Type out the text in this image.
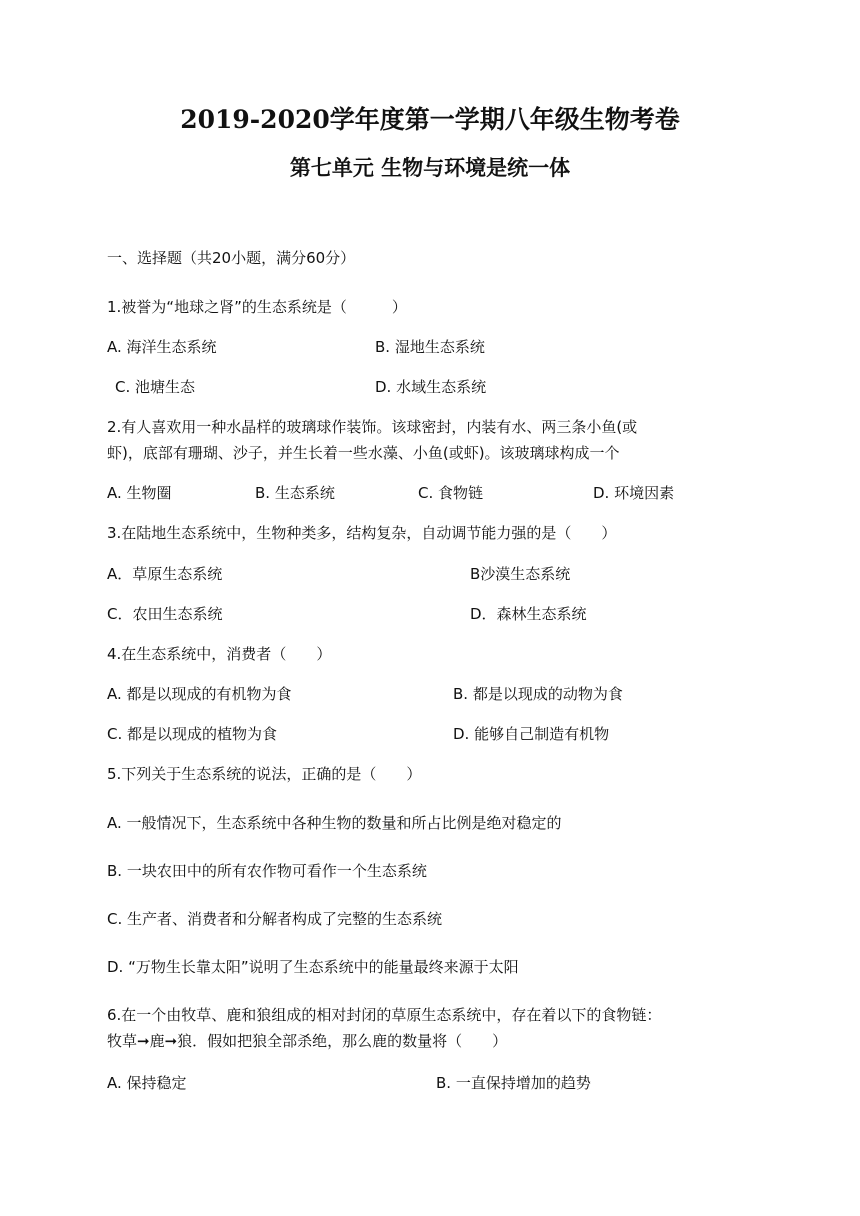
2019-2020学年度第一学期八年级生物考卷
第七单元 生物与环境是统一体
一、选择题（共20小题，满分60分）
1.被誉为“地球之肾”的生态系统是（　　　）
A. 海洋生态系统	B. 湿地生态系统
C. 池塘生态	D. 水域生态系统
2.有人喜欢用一种水晶样的玻璃球作装饰。该球密封，内装有水、两三条小鱼(或
虾)，底部有珊瑚、沙子，并生长着一些水藻、小鱼(或虾)。该玻璃球构成一个
A. 生物圈	B. 生态系统	C. 食物链	D. 环境因素
3.在陆地生态系统中，生物种类多，结构复杂，自动调节能力强的是（　　）
A．草原生态系统	B沙漠生态系统
C．农田生态系统	D．森林生态系统
4.在生态系统中，消费者（　　）
A. 都是以现成的有机物为食	B. 都是以现成的动物为食
C. 都是以现成的植物为食	D. 能够自己制造有机物
5.下列关于生态系统的说法，正确的是（　　）
A. 一般情况下，生态系统中各种生物的数量和所占比例是绝对稳定的
B. 一块农田中的所有农作物可看作一个生态系统
C. 生产者、消费者和分解者构成了完整的生态系统
D. “万物生长靠太阳”说明了生态系统中的能量最终来源于太阳
6.在一个由牧草、鹿和狼组成的相对封闭的草原生态系统中，存在着以下的食物链：
牧草➞鹿➞狼．假如把狼全部杀绝，那么鹿的数量将（　　）
A. 保持稳定	B. 一直保持增加的趋势
